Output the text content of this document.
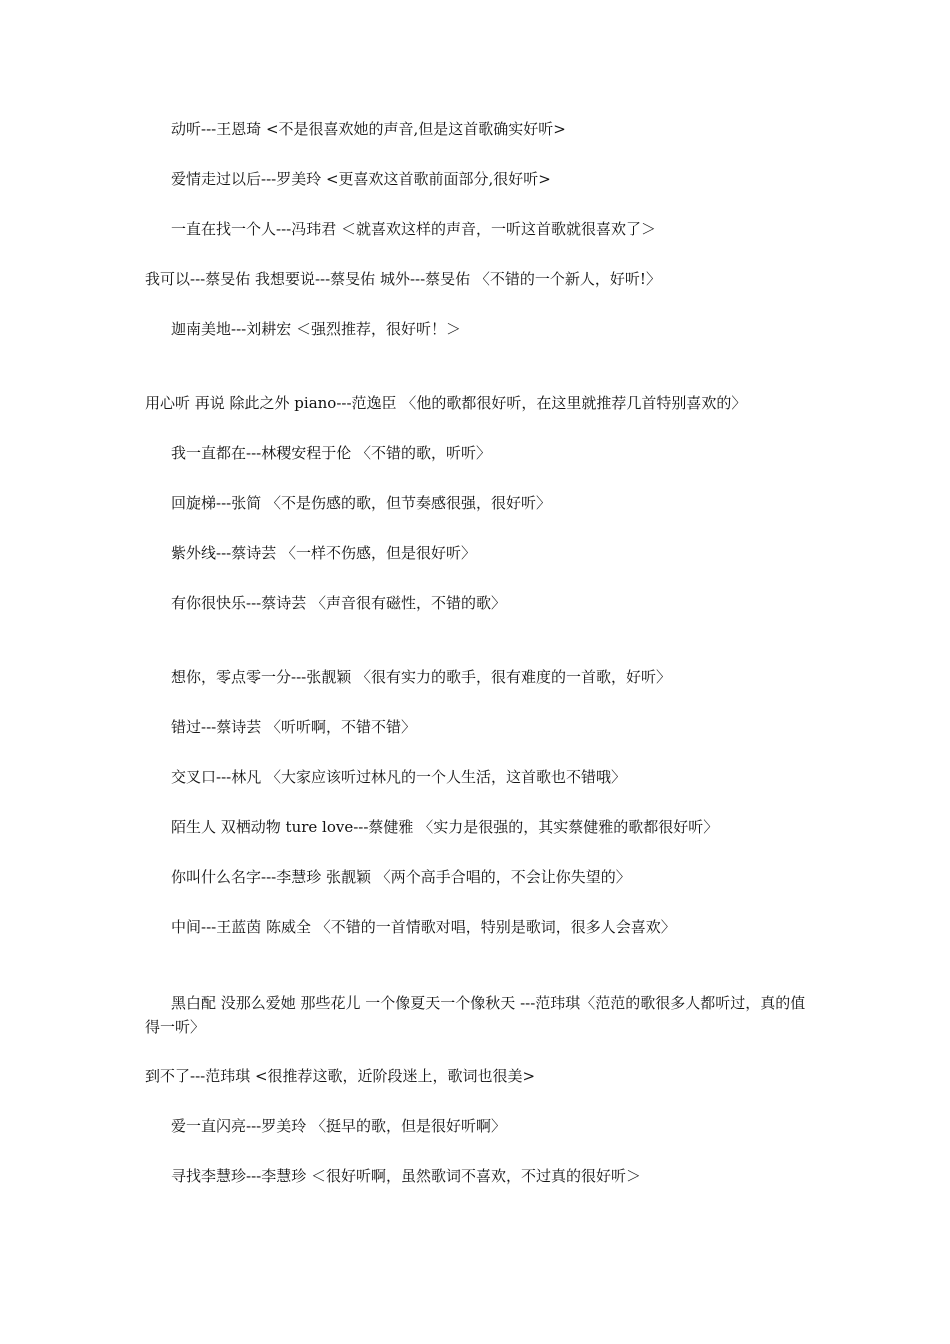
动听---王恩琦 <不是很喜欢她的声音,但是这首歌确实好听>
爱情走过以后---罗美玲 <更喜欢这首歌前面部分,很好听>
一直在找一个人---冯玮君 ＜就喜欢这样的声音，一听这首歌就很喜欢了＞
我可以---蔡旻佑 我想要说---蔡旻佑 城外---蔡旻佑 〈不错的一个新人，好听!〉
迦南美地---刘耕宏 ＜强烈推荐，很好听！＞
用心听 再说 除此之外 piano---范逸臣 〈他的歌都很好听，在这里就推荐几首特别喜欢的〉
我一直都在---林稷安程于伦 〈不错的歌，听听〉
回旋梯---张简 〈不是伤感的歌，但节奏感很强，很好听〉
紫外线---蔡诗芸 〈一样不伤感，但是很好听〉
有你很快乐---蔡诗芸 〈声音很有磁性，不错的歌〉
想你，零点零一分---张靓颖 〈很有实力的歌手，很有难度的一首歌，好听〉
错过---蔡诗芸 〈听听啊，不错不错〉
交叉口---林凡 〈大家应该听过林凡的一个人生活，这首歌也不错哦〉
陌生人 双栖动物 ture love---蔡健雅 〈实力是很强的，其实蔡健雅的歌都很好听〉
你叫什么名字---李慧珍 张靓颖 〈两个高手合唱的，不会让你失望的〉
中间---王蓝茵 陈威全 〈不错的一首情歌对唱，特别是歌词，很多人会喜欢〉
黑白配 没那么爱她 那些花儿 一个像夏天一个像秋天 ---范玮琪〈范范的歌很多人都听过，真的值得一听〉
到不了---范玮琪 <很推荐这歌，近阶段迷上，歌词也很美>
爱一直闪亮---罗美玲 〈挺早的歌，但是很好听啊〉
寻找李慧珍---李慧珍 ＜很好听啊，虽然歌词不喜欢，不过真的很好听＞
